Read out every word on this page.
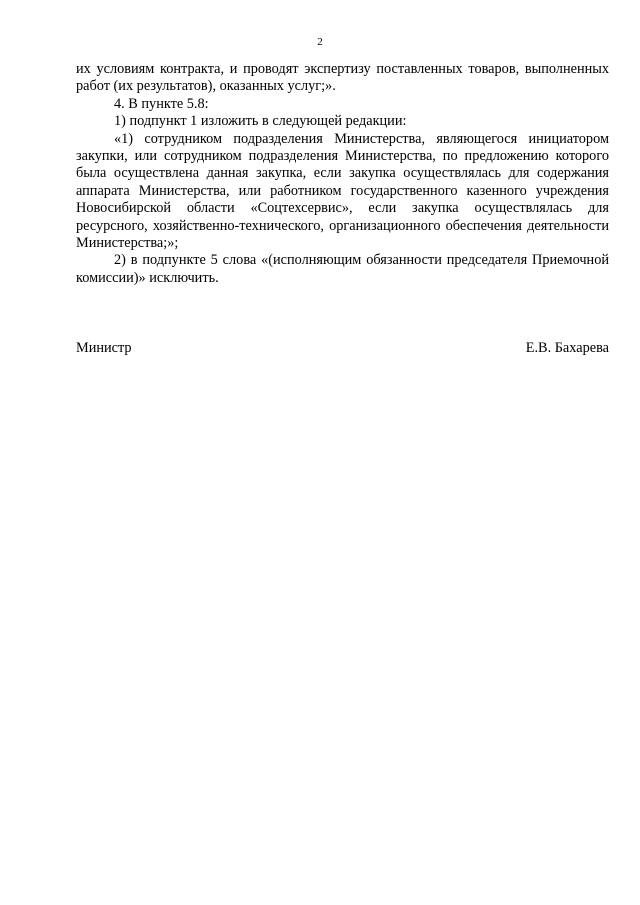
2

их условиям контракта, и проводят экспертизу поставленных товаров, выполненных работ (их результатов), оказанных услуг;».

4. В пункте 5.8:

1) подпункт 1 изложить в следующей редакции:

«1) сотрудником подразделения Министерства, являющегося инициатором закупки, или сотрудником подразделения Министерства, по предложению которого была осуществлена данная закупка, если закупка осуществлялась для содержания аппарата Министерства, или работником государственного казенного учреждения Новосибирской области «Соцтехсервис», если закупка осуществлялась для ресурсного, хозяйственно-технического, организационного обеспечения деятельности Министерства;»;

2) в подпункте 5 слова «(исполняющим обязанности председателя Приемочной комиссии)» исключить.

Министр	Е.В. Бахарева
